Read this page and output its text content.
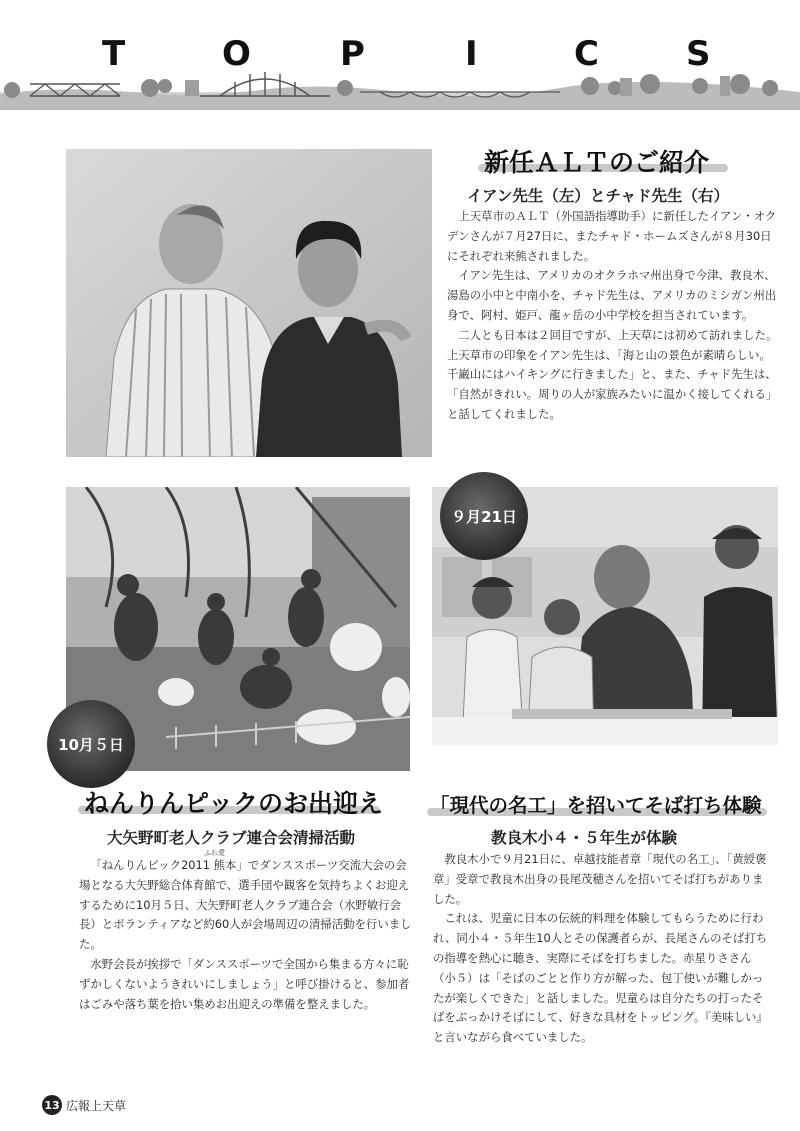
T	O	P	I	C	S
新任ＡＬＴのご紹介
イアン先生（左）とチャド先生（右）

上天草市のＡＬＴ（外国語指導助手）に新任したイアン・オクデンさんが７月27日に、またチャド・ホームズさんが８月30日にそれぞれ来熊されました。

イアン先生は、アメリカのオクラホマ州出身で今津、教良木、湯島の小中と中南小を、チャド先生は、アメリカのミシガン州出身で、阿村、姫戸、龍ヶ岳の小中学校を担当されています。

二人とも日本は２回目ですが、上天草には初めて訪れました。上天草市の印象をイアン先生は、「海と山の景色が素晴らしい。千巌山にはハイキングに行きました」と、また、チャド先生は、「自然がきれい。周りの人が家族みたいに温かく接してくれる」と話してくれました。

10月５日
ねんりんピックのお出迎え
大矢野町老人クラブ連合会清掃活動

「ねんりんピック
ふれ愛
2011 熊本」でダンススポーツ交流大会の会場となる大矢野総合体育館で、選手団や観客を気持ちよくお迎えするために10月５日、大矢野町老人クラブ連合会（水野敏行会長）とボランティアなど約60人が会場周辺の清掃活動を行いました。

水野会長が挨拶で「ダンススポーツで全国から集まる方々に恥ずかしくないようきれいにしましょう」と呼び掛けると、参加者はごみや落ち葉を拾い集めお出迎えの準備を整えました。

９月21日
「現代の名工」を招いてそば打ち体験
教良木小４・５年生が体験

教良木小で９月21日に、卓越技能者章「現代の名工」、「黄綬褒章」受章で教良木出身の長尾茂穂さんを招いてそば打ちがありました。

これは、児童に日本の伝統的料理を体験してもらうために行われ、同小４・５年生10人とその保護者らが、長尾さんのそば打ちの指導を熱心に聴き、実際にそばを打ちました。赤星りささん（小５）は「そばのごとと作り方が解った、包丁使いが難しかったが楽しくできた」と話しました。児童らは自分たちの打ったそばをぶっかけそばにして、好きな具材をトッピング。『美味しい』と言いながら食べていました。

13 広報上天草
